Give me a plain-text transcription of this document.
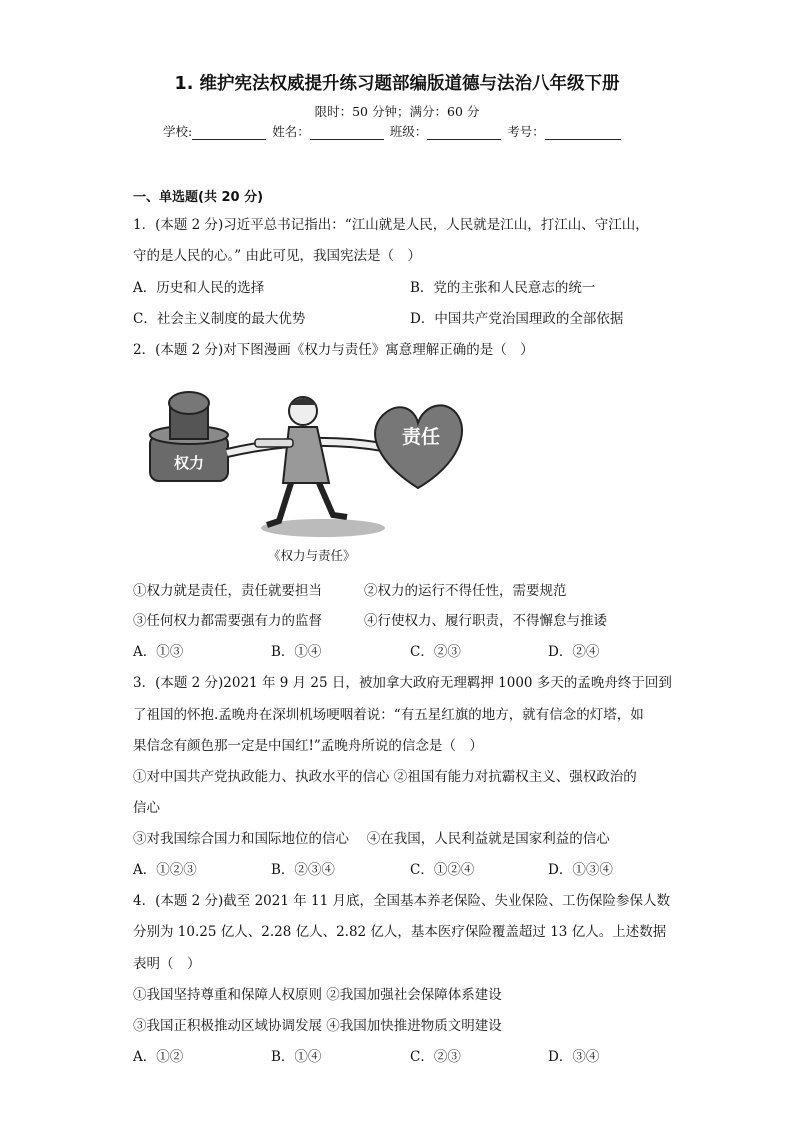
1. 维护宪法权威提升练习题部编版道德与法治八年级下册
限时：50 分钟；满分：60 分
学校:	姓名：	班级：	考号：
一、单选题(共 20 分)
1．(本题 2 分)习近平总书记指出：“江山就是人民，人民就是江山，打江山、守江山，
守的是人民的心。” 由此可见，我国宪法是（　）
A．历史和人民的选择	B．党的主张和人民意志的统一
C．社会主义制度的最大优势	D．中国共产党治国理政的全部依据
2．(本题 2 分)对下图漫画《权力与责任》寓意理解正确的是（　）
权力
责任
《权力与责任》
①权力就是责任，责任就要担当	②权力的运行不得任性，需要规范
③任何权力都需要强有力的监督	④行使权力、履行职责，不得懈怠与推诿
A．①③	B．①④	C．②③	D．②④
3．(本题 2 分)2021 年 9 月 25 日，被加拿大政府无理羁押 1000 多天的孟晚舟终于回到
了祖国的怀抱.孟晚舟在深圳机场哽咽着说：“有五星红旗的地方，就有信念的灯塔，如
果信念有颜色那一定是中国红!”孟晚舟所说的信念是（　）
①对中国共产党执政能力、执政水平的信心 ②祖国有能力对抗霸权主义、强权政治的
信心
③对我国综合国力和国际地位的信心　 ④在我国，人民利益就是国家利益的信心
A．①②③	B．②③④	C．①②④	D．①③④
4．(本题 2 分)截至 2021 年 11 月底，全国基本养老保险、失业保险、工伤保险参保人数
分别为 10.25 亿人、2.28 亿人、2.82 亿人，基本医疗保险覆盖超过 13 亿人。上述数据
表明（　）
①我国坚持尊重和保障人权原则 ②我国加强社会保障体系建设
③我国正积极推动区域协调发展 ④我国加快推进物质文明建设
A．①②	B．①④	C．②③	D．③④
